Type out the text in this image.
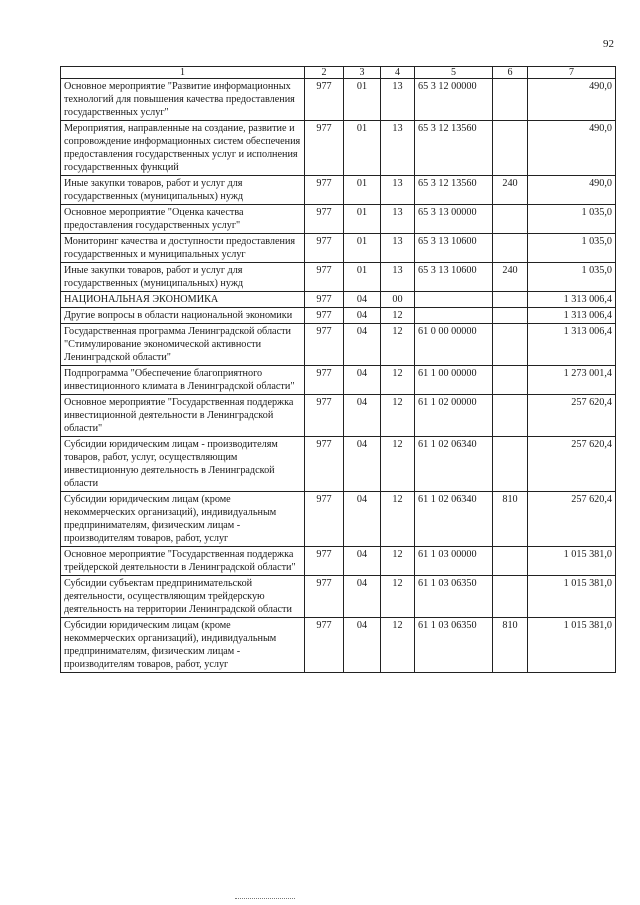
92
1	2	3	4	5	6	7
Основное мероприятие "Развитие информационных технологий для повышения качества предоставления государственных услуг"	977	01	13	65 3 12 00000		490,0
Мероприятия, направленные на создание, развитие и сопровождение информационных систем обеспечения предоставления государственных услуг и исполнения государственных функций	977	01	13	65 3 12 13560		490,0
Иные закупки товаров, работ и услуг для государственных (муниципальных) нужд	977	01	13	65 3 12 13560	240	490,0
Основное мероприятие "Оценка качества предоставления государственных услуг"	977	01	13	65 3 13 00000		1 035,0
Мониторинг качества и доступности предоставления государственных и муниципальных услуг	977	01	13	65 3 13 10600		1 035,0
Иные закупки товаров, работ и услуг для государственных (муниципальных) нужд	977	01	13	65 3 13 10600	240	1 035,0
НАЦИОНАЛЬНАЯ ЭКОНОМИКА	977	04	00			1 313 006,4
Другие вопросы в области национальной экономики	977	04	12			1 313 006,4
Государственная программа Ленинградской области "Стимулирование экономической активности Ленинградской области"	977	04	12	61 0 00 00000		1 313 006,4
Подпрограмма "Обеспечение благоприятного инвестиционного климата в Ленинградской области"	977	04	12	61 1 00 00000		1 273 001,4
Основное мероприятие "Государственная поддержка инвестиционной деятельности в Ленинградской области"	977	04	12	61 1 02 00000		257 620,4
Субсидии юридическим лицам - производителям товаров, работ, услуг, осуществляющим инвестиционную деятельность в Ленинградской области	977	04	12	61 1 02 06340		257 620,4
Субсидии юридическим лицам (кроме некоммерческих организаций), индивидуальным предпринимателям, физическим лицам - производителям товаров, работ, услуг	977	04	12	61 1 02 06340	810	257 620,4
Основное мероприятие "Государственная поддержка трейдерской деятельности в Ленинградской области"	977	04	12	61 1 03 00000		1 015 381,0
Субсидии субъектам предпринимательской деятельности, осуществляющим трейдерскую деятельность на территории Ленинградской области	977	04	12	61 1 03 06350		1 015 381,0
Субсидии юридическим лицам (кроме некоммерческих организаций), индивидуальным предпринимателям, физическим лицам - производителям товаров, работ, услуг	977	04	12	61 1 03 06350	810	1 015 381,0
